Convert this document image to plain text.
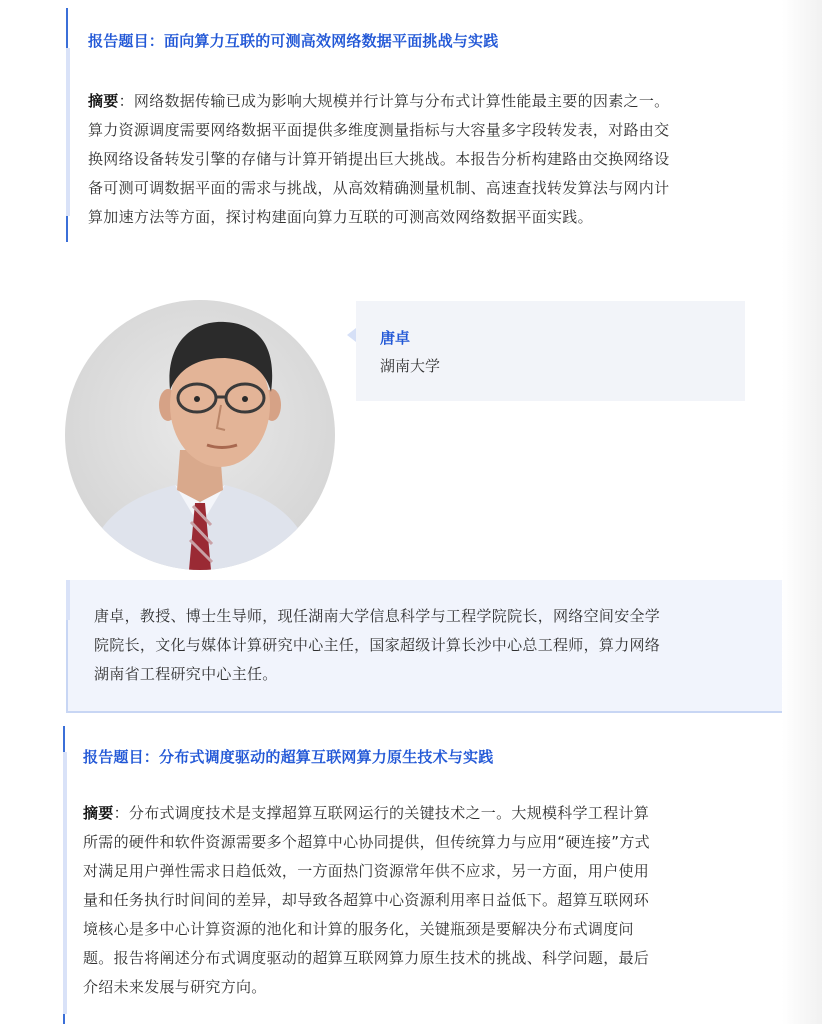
报告题目：面向算力互联的可测高效网络数据平面挑战与实践
摘要：网络数据传输已成为影响大规模并行计算与分布式计算性能最主要的因素之一。
算力资源调度需要网络数据平面提供多维度测量指标与大容量多字段转发表，对路由交
换网络设备转发引擎的存储与计算开销提出巨大挑战。本报告分析构建路由交换网络设
备可测可调数据平面的需求与挑战，从高效精确测量机制、高速查找转发算法与网内计
算加速方法等方面，探讨构建面向算力互联的可测高效网络数据平面实践。
唐卓
湖南大学
唐卓，教授、博士生导师，现任湖南大学信息科学与工程学院院长，网络空间安全学
院院长，文化与媒体计算研究中心主任，国家超级计算长沙中心总工程师，算力网络
湖南省工程研究中心主任。
报告题目：分布式调度驱动的超算互联网算力原生技术与实践
摘要：分布式调度技术是支撑超算互联网运行的关键技术之一。大规模科学工程计算
所需的硬件和软件资源需要多个超算中心协同提供，但传统算力与应用“硬连接”方式
对满足用户弹性需求日趋低效，一方面热门资源常年供不应求，另一方面，用户使用
量和任务执行时间间的差异，却导致各超算中心资源利用率日益低下。超算互联网环
境核心是多中心计算资源的池化和计算的服务化，关键瓶颈是要解决分布式调度问
题。报告将阐述分布式调度驱动的超算互联网算力原生技术的挑战、科学问题，最后
介绍未来发展与研究方向。
